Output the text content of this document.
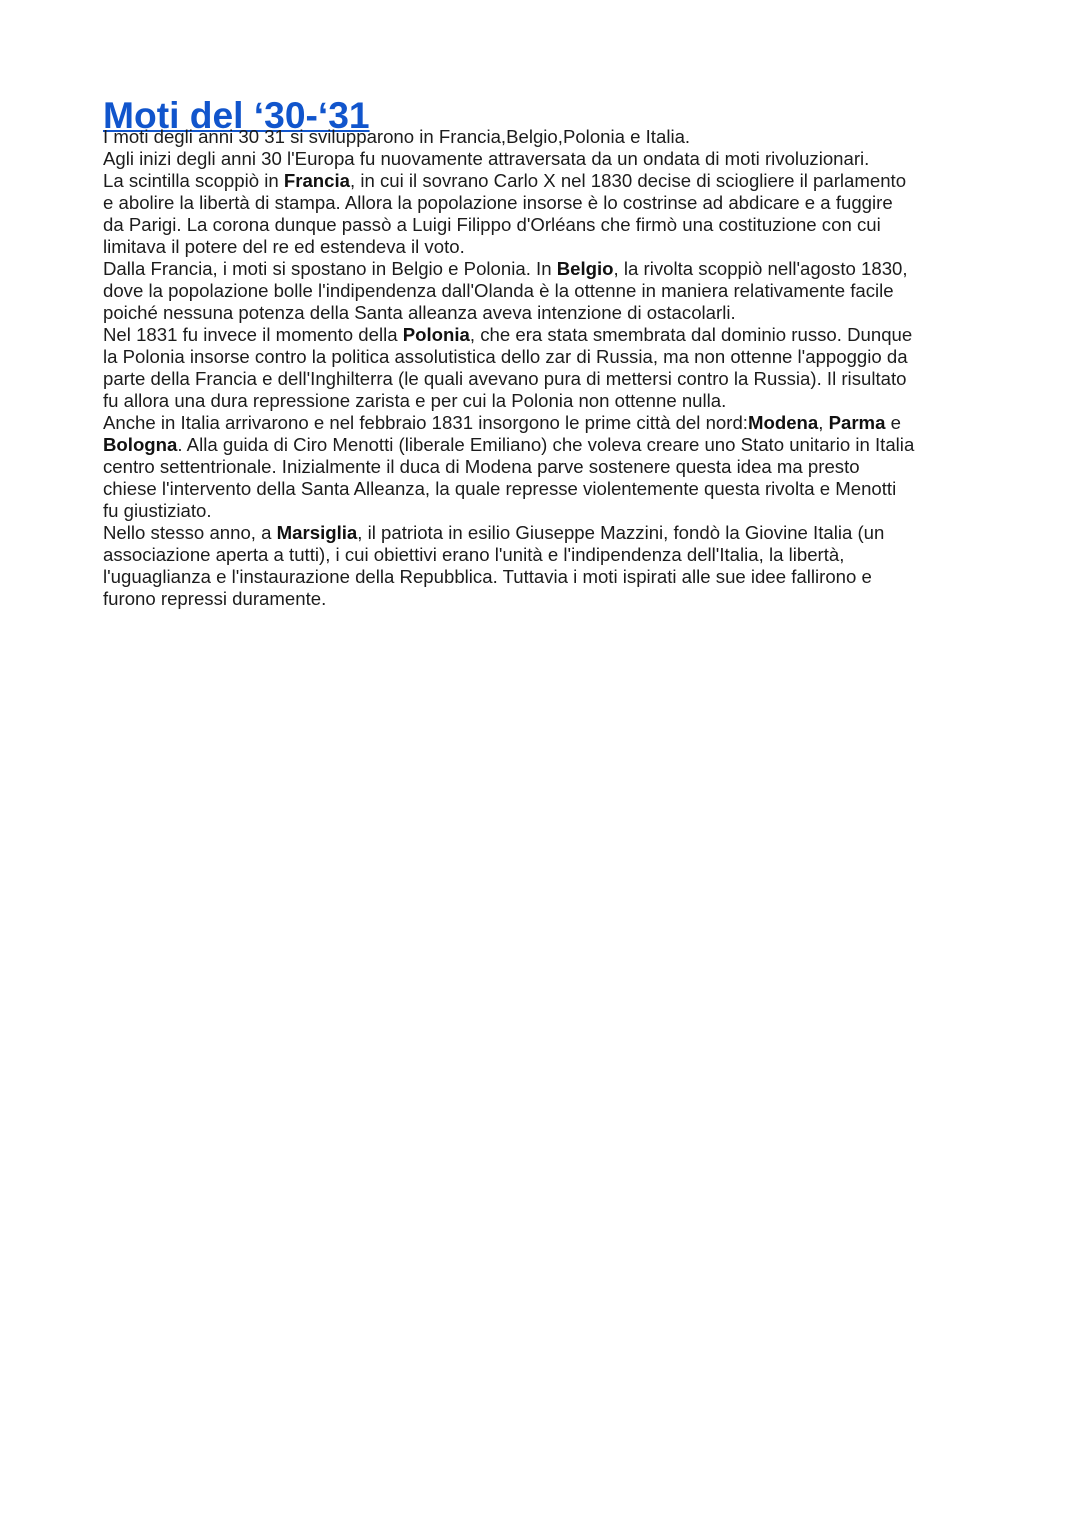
Moti del ‘30-‘31
I moti degli anni 30 31 si svilupparono in Francia,Belgio,Polonia e Italia.
Agli inizi degli anni 30 l'Europa fu nuovamente attraversata da un ondata di moti rivoluzionari.
La scintilla scoppiò in Francia, in cui il sovrano Carlo X nel 1830 decise di sciogliere il parlamento
e abolire la libertà di stampa. Allora la popolazione insorse è lo costrinse ad abdicare e a fuggire
da Parigi. La corona dunque passò a Luigi Filippo d'Orléans che firmò una costituzione con cui
limitava il potere del re ed estendeva il voto.
Dalla Francia, i moti si spostano in Belgio e Polonia. In Belgio, la rivolta scoppiò nell'agosto 1830,
dove la popolazione bolle l'indipendenza dall'Olanda è la ottenne in maniera relativamente facile
poiché nessuna potenza della Santa alleanza aveva intenzione di ostacolarli.
Nel 1831 fu invece il momento della Polonia, che era stata smembrata dal dominio russo. Dunque
la Polonia insorse contro la politica assolutistica dello zar di Russia, ma non ottenne l'appoggio da
parte della Francia e dell'Inghilterra (le quali avevano pura di mettersi contro la Russia). Il risultato
fu allora una dura repressione zarista e per cui la Polonia non ottenne nulla.
Anche in Italia arrivarono e nel febbraio 1831 insorgono le prime città del nord:Modena, Parma e
Bologna. Alla guida di Ciro Menotti (liberale Emiliano) che voleva creare uno Stato unitario in Italia
centro settentrionale. Inizialmente il duca di Modena parve sostenere questa idea ma presto
chiese l'intervento della Santa Alleanza, la quale represse violentemente questa rivolta e Menotti
fu giustiziato.
Nello stesso anno, a Marsiglia, il patriota in esilio Giuseppe Mazzini, fondò la Giovine Italia (un
associazione aperta a tutti), i cui obiettivi erano l'unità e l'indipendenza dell'Italia, la libertà,
l'uguaglianza e l'instaurazione della Repubblica. Tuttavia i moti ispirati alle sue idee fallirono e
furono repressi duramente.
